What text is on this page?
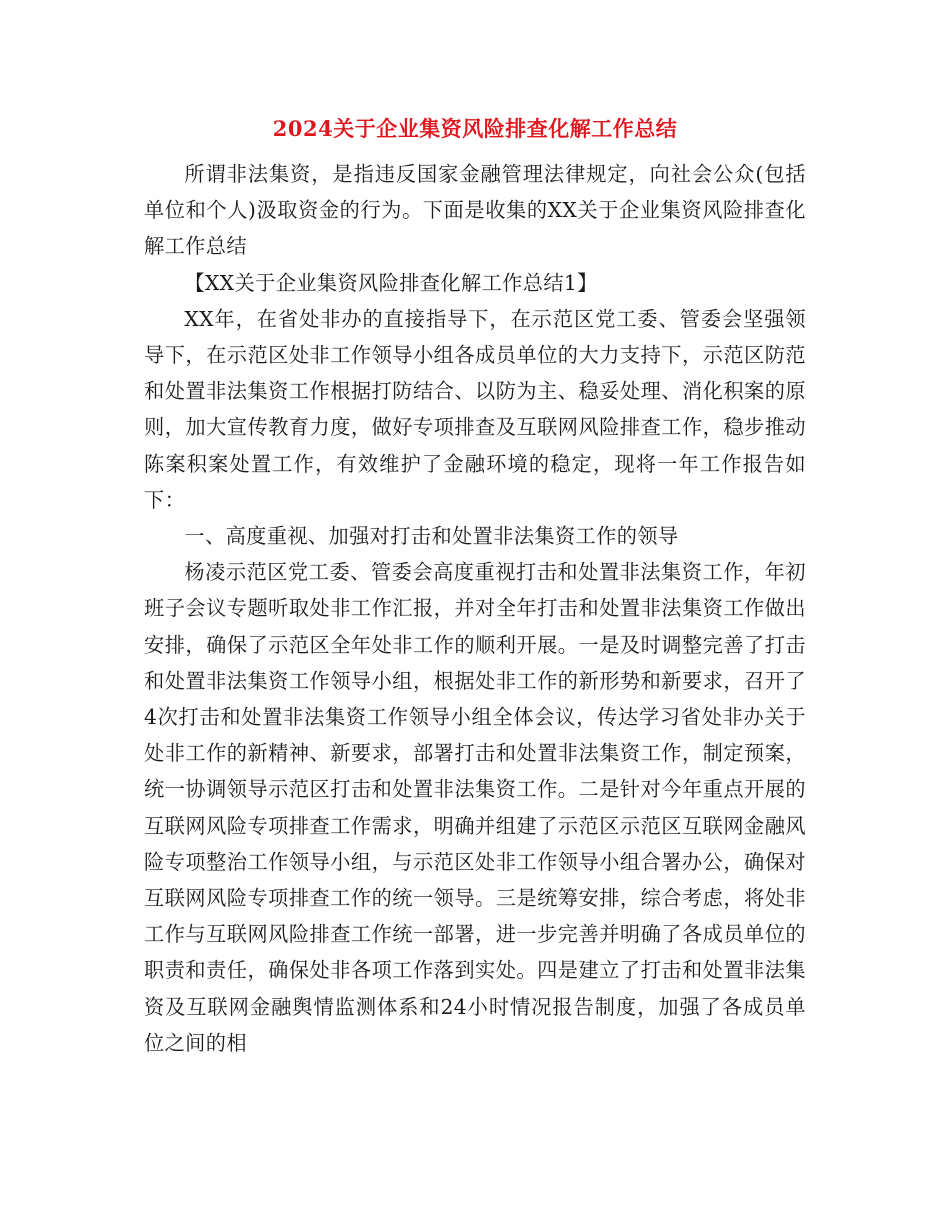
2024关于企业集资风险排查化解工作总结

所谓非法集资，是指违反国家金融管理法律规定，向社会公众(包括单位和个人)汲取资金的行为。下面是收集的XX关于企业集资风险排查化解工作总结

【XX关于企业集资风险排查化解工作总结1】

XX年，在省处非办的直接指导下，在示范区党工委、管委会坚强领导下，在示范区处非工作领导小组各成员单位的大力支持下，示范区防范和处置非法集资工作根据打防结合、以防为主、稳妥处理、消化积案的原则，加大宣传教育力度，做好专项排查及互联网风险排查工作，稳步推动陈案积案处置工作，有效维护了金融环境的稳定，现将一年工作报告如下：

一、高度重视、加强对打击和处置非法集资工作的领导

杨凌示范区党工委、管委会高度重视打击和处置非法集资工作，年初班子会议专题听取处非工作汇报，并对全年打击和处置非法集资工作做出安排，确保了示范区全年处非工作的顺利开展。一是及时调整完善了打击和处置非法集资工作领导小组，根据处非工作的新形势和新要求，召开了4次打击和处置非法集资工作领导小组全体会议，传达学习省处非办关于处非工作的新精神、新要求，部署打击和处置非法集资工作，制定预案，统一协调领导示范区打击和处置非法集资工作。二是针对今年重点开展的互联网风险专项排查工作需求，明确并组建了示范区示范区互联网金融风险专项整治工作领导小组，与示范区处非工作领导小组合署办公，确保对互联网风险专项排查工作的统一领导。三是统筹安排，综合考虑，将处非工作与互联网风险排查工作统一部署，进一步完善并明确了各成员单位的职责和责任，确保处非各项工作落到实处。四是建立了打击和处置非法集资及互联网金融舆情监测体系和24小时情况报告制度，加强了各成员单位之间的相
